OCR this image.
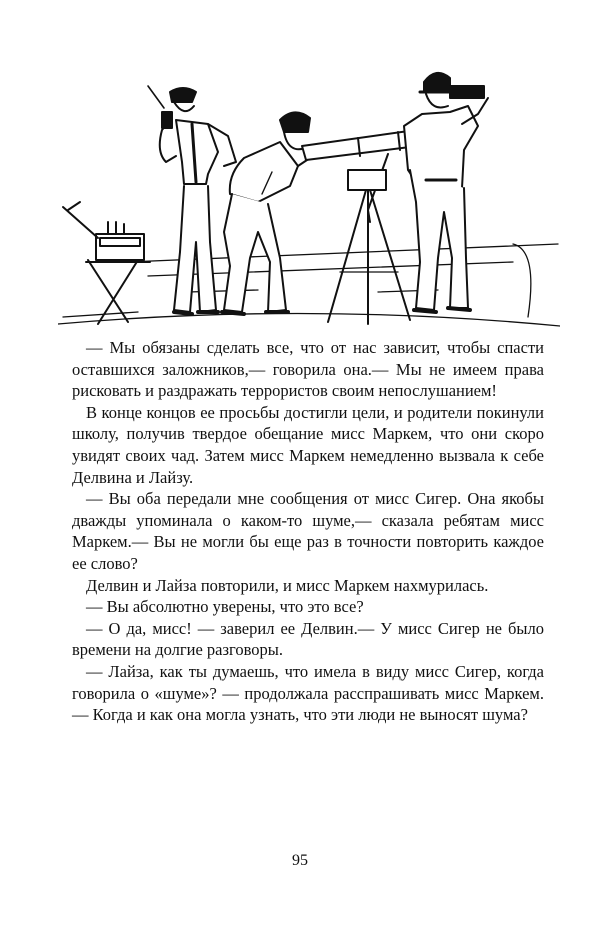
— Мы обязаны сделать все, что от нас зависит, чтобы спасти оставшихся заложников,— говорила она.— Мы не имеем права рисковать и раздражать террористов своим непослушанием!

В конце концов ее просьбы достигли цели, и родители покинули школу, получив твердое обещание мисс Маркем, что они скоро увидят своих чад. Затем мисс Маркем немедленно вызвала к себе Делвина и Лайзу.

— Вы оба передали мне сообщения от мисс Сигер. Она якобы дважды упоминала о каком-то шуме,— сказала ребятам мисс Маркем.— Вы не могли бы еще раз в точности повторить каждое ее слово?

Делвин и Лайза повторили, и мисс Маркем нахмурилась.

— Вы абсолютно уверены, что это все?

— О да, мисс! — заверил ее Делвин.— У мисс Сигер не было времени на долгие разговоры.

— Лайза, как ты думаешь, что имела в виду мисс Сигер, когда говорила о «шуме»? — продолжала расспрашивать мисс Маркем.— Когда и как она могла узнать, что эти люди не выносят шума?

95
